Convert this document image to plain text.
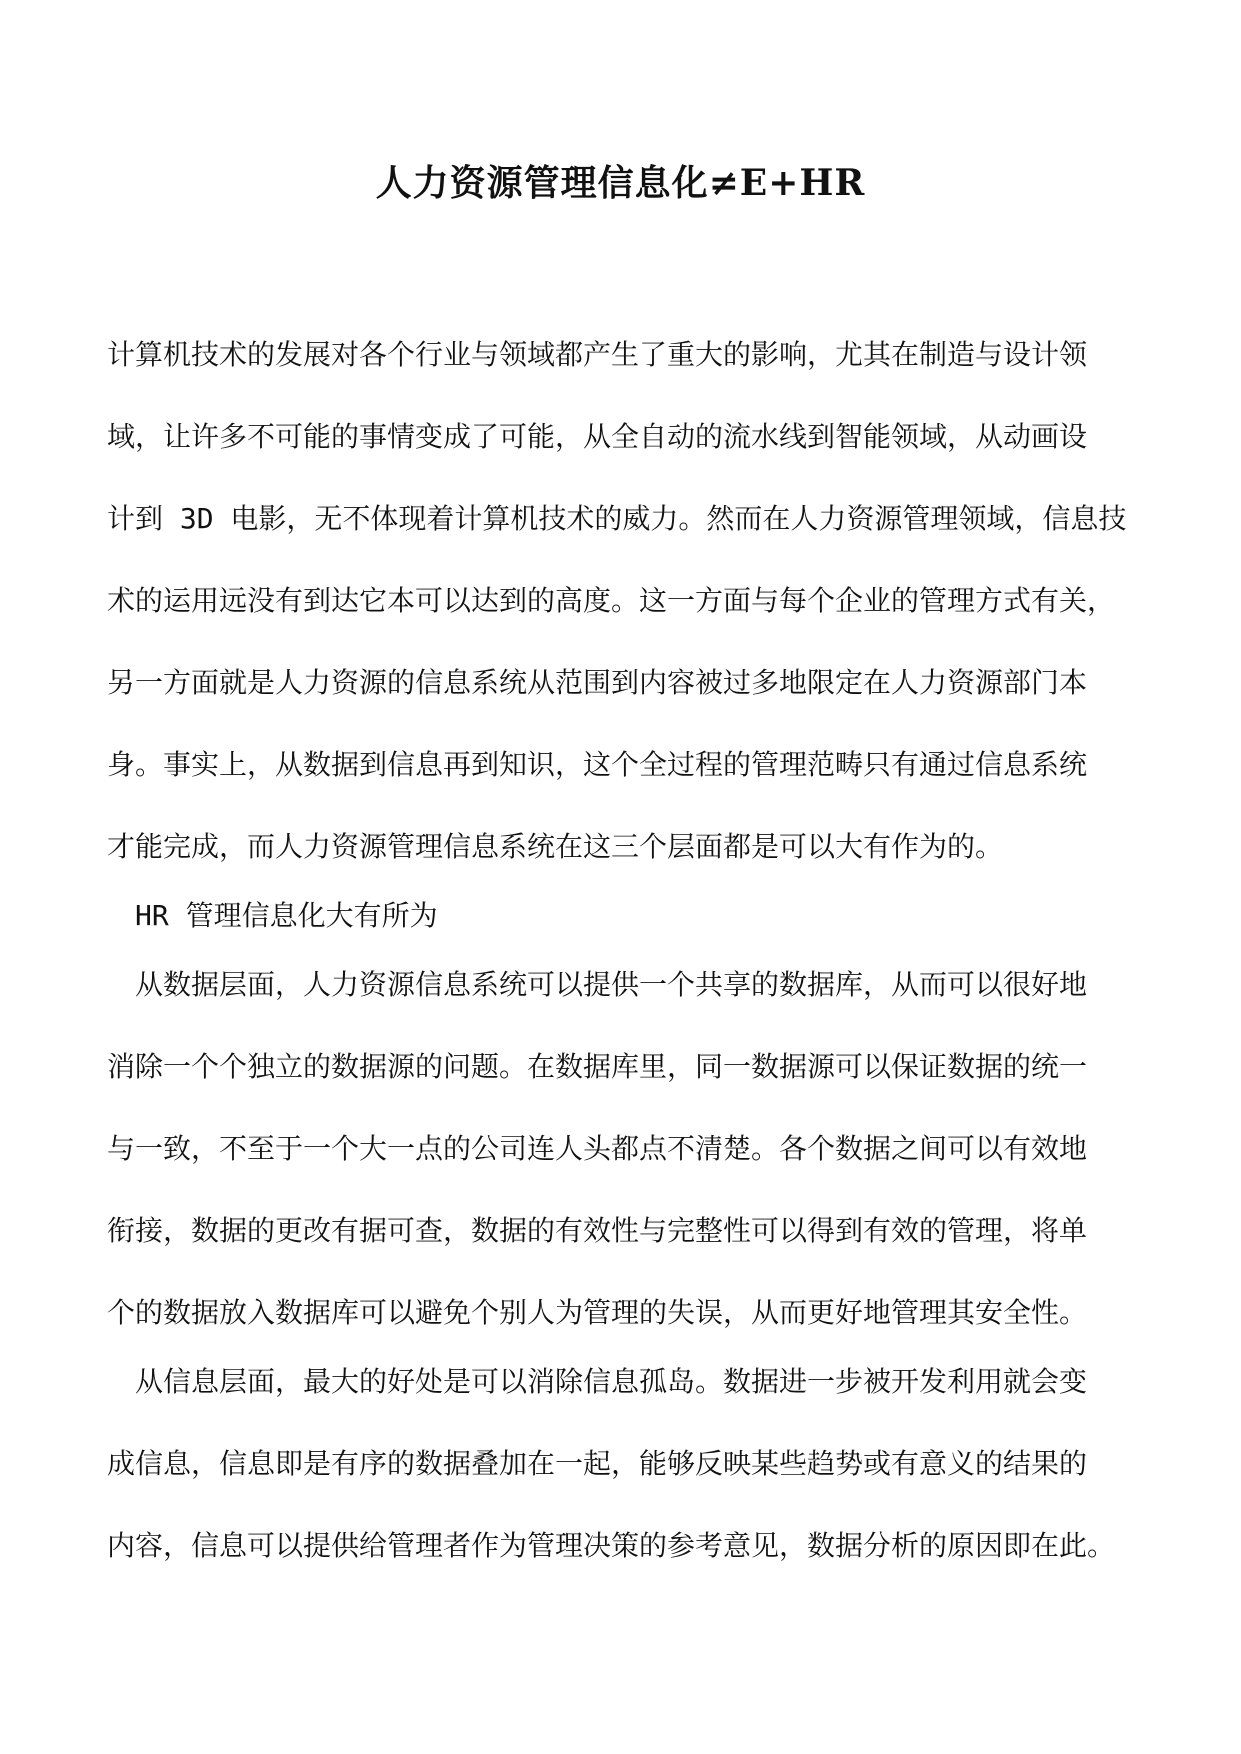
人力资源管理信息化≠E+HR
计算机技术的发展对各个行业与领域都产生了重大的影响，尤其在制造与设计领
域，让许多不可能的事情变成了可能，从全自动的流水线到智能领域，从动画设
计到 3D 电影，无不体现着计算机技术的威力。然而在人力资源管理领域，信息技
术的运用远没有到达它本可以达到的高度。这一方面与每个企业的管理方式有关，
另一方面就是人力资源的信息系统从范围到内容被过多地限定在人力资源部门本
身。事实上，从数据到信息再到知识，这个全过程的管理范畴只有通过信息系统
才能完成，而人力资源管理信息系统在这三个层面都是可以大有作为的。
HR 管理信息化大有所为
从数据层面，人力资源信息系统可以提供一个共享的数据库，从而可以很好地
消除一个个独立的数据源的问题。在数据库里，同一数据源可以保证数据的统一
与一致，不至于一个大一点的公司连人头都点不清楚。各个数据之间可以有效地
衔接，数据的更改有据可查，数据的有效性与完整性可以得到有效的管理，将单
个的数据放入数据库可以避免个别人为管理的失误，从而更好地管理其安全性。
从信息层面，最大的好处是可以消除信息孤岛。数据进一步被开发利用就会变
成信息，信息即是有序的数据叠加在一起，能够反映某些趋势或有意义的结果的
内容，信息可以提供给管理者作为管理决策的参考意见，数据分析的原因即在此。
